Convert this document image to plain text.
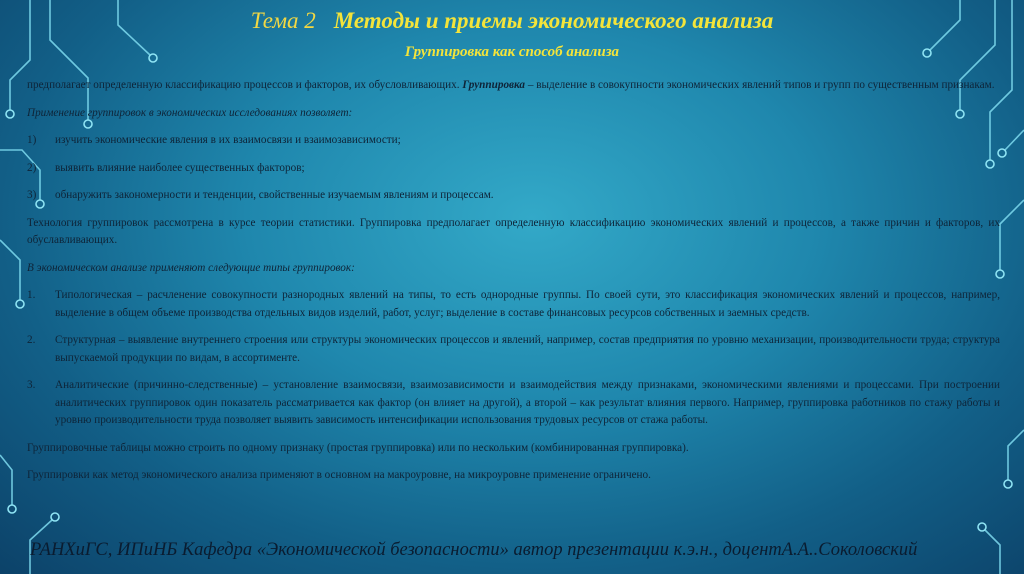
Тема 2 Методы и приемы экономического анализа
Группировка как способ анализа

предполагает определенную классификацию процессов и факторов, их обусловливающих. Группировка – выделение в совокупности экономических явлений типов и групп по существенным признакам.

Применение группировок в экономических исследованиях позволяет:

1)	изучить экономические явления в их взаимосвязи и взаимозависимости;
2)	выявить влияние наиболее существенных факторов;
3)	обнаружить закономерности и тенденции, свойственные изучаемым явлениям и процессам.

Технология группировок рассмотрена в курсе теории статистики. Группировка предполагает определенную классификацию экономических явлений и процессов, а также причин и факторов, их обуславливающих.

В экономическом анализе применяют следующие типы группировок:

1.	Типологическая – расчленение совокупности разнородных явлений на типы, то есть однородные группы. По своей сути, это классификация экономических явлений и процессов, например, выделение в общем объеме производства отдельных видов изделий, работ, услуг; выделение в составе финансовых ресурсов собственных и заемных средств.
2.	Структурная – выявление внутреннего строения или структуры экономических процессов и явлений, например, состав предприятия по уровню механизации, производительности труда; структура выпускаемой продукции по видам, в ассортименте.
3.	Аналитические (причинно-следственные) – установление взаимосвязи, взаимозависимости и взаимодействия между признаками, экономическими явлениями и процессами. При построении аналитических группировок один показатель рассматривается как фактор (он влияет на другой), а второй – как результат влияния первого. Например, группировка работников по стажу работы и уровню производительности труда позволяет выявить зависимость интенсификации использования трудовых ресурсов от стажа работы.

Группировочные таблицы можно строить по одному признаку (простая группировка) или по нескольким (комбинированная группировка).

Группировки как метод экономического анализа применяют в основном на макроуровне, на микроуровне применение ограничено.

РАНХиГС, ИПиНБ Кафедра «Экономической безопасности» автор презентации к.э.н., доцентА.А..Соколовский
